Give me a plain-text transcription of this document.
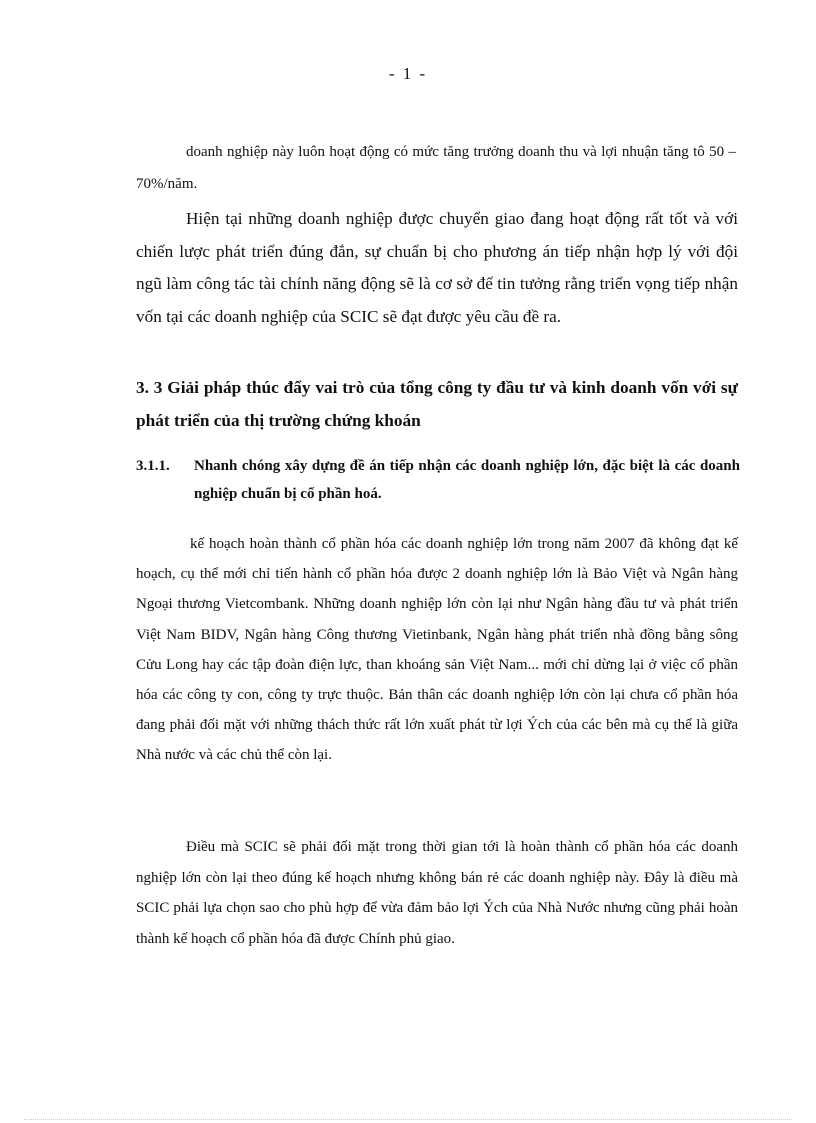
- 1 -

doanh nghiệp này luôn hoạt động có mức tăng trưởng doanh thu và lợi nhuận tăng tô 50 – 70%/năm.

Hiện tại những doanh nghiệp được chuyển giao đang hoạt động rất tốt và với chiến lược phát triển đúng đắn, sự chuẩn bị cho phương án tiếp nhận hợp lý với đội ngũ làm công tác tài chính năng động sẽ là cơ sở để tin tưởng rằng triển vọng tiếp nhận vốn tại các doanh nghiệp của SCIC sẽ đạt được yêu cầu đề ra.

3. 3 Giải pháp thúc đẩy vai trò của tổng công ty đầu tư và kinh doanh vốn với sự phát triển của thị trường chứng khoán

3.1.1.	Nhanh chóng xây dựng đề án tiếp nhận các doanh nghiệp lớn, đặc biệt là các doanh nghiệp chuẩn bị cổ phần hoá.

kế hoạch hoàn thành cổ phần hóa các doanh nghiệp lớn trong năm 2007 đã không đạt kế hoạch, cụ thể mới chỉ tiến hành cổ phần hóa được 2 doanh nghiệp lớn là Bảo Việt và Ngân hàng Ngoại thương Vietcombank. Những doanh nghiệp lớn còn lại như Ngân hàng đầu tư và phát triển Việt Nam BIDV, Ngân hàng Công thương Vietinbank, Ngân hàng phát triển nhà đồng bằng sông Cửu Long hay các tập đoàn điện lực, than khoáng sản Việt Nam... mới chỉ dừng lại ở việc cổ phần hóa các công ty con, công ty trực thuộc. Bản thân các doanh nghiệp lớn còn lại chưa cổ phần hóa đang phải đối mặt với những thách thức rất lớn xuất phát từ lợi Ých của các bên mà cụ thể là giữa Nhà nước và các chủ thể còn lại.

Điều mà SCIC sẽ phải đối mặt trong thời gian tới là hoàn thành cổ phần hóa các doanh nghiệp lớn còn lại theo đúng kế hoạch nhưng không bán rẻ các doanh nghiệp này. Đây là điều mà SCIC phải lựa chọn sao cho phù hợp để vừa đảm bảo lợi Ých của Nhà Nước nhưng cũng phải hoàn thành kế hoạch cổ phần hóa đã được Chính phủ giao.
